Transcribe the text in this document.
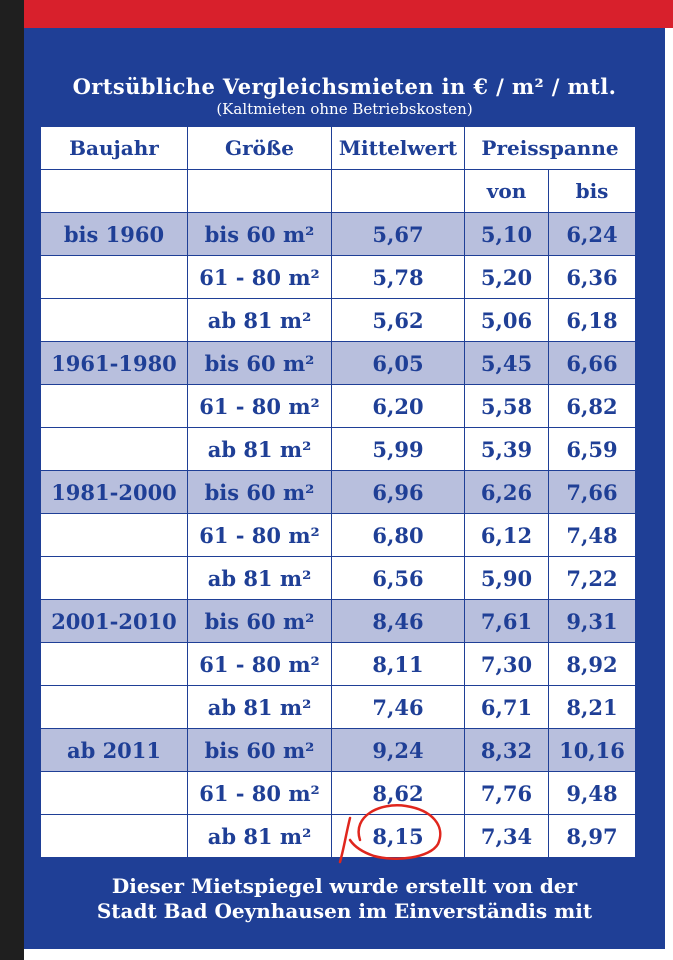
Ortsübliche Vergleichsmieten in € / m² / mtl.
(Kaltmieten ohne Betriebskosten)
Baujahr	Größe	Mittelwert	Preisspanne	
			von	bis
bis 1960	bis 60 m²	5,67	5,10	6,24
	61 - 80 m²	5,78	5,20	6,36
	ab 81 m²	5,62	5,06	6,18
1961-1980	bis 60 m²	6,05	5,45	6,66
	61 - 80 m²	6,20	5,58	6,82
	ab 81 m²	5,99	5,39	6,59
1981-2000	bis 60 m²	6,96	6,26	7,66
	61 - 80 m²	6,80	6,12	7,48
	ab 81 m²	6,56	5,90	7,22
2001-2010	bis 60 m²	8,46	7,61	9,31
	61 - 80 m²	8,11	7,30	8,92
	ab 81 m²	7,46	6,71	8,21
ab 2011	bis 60 m²	9,24	8,32	10,16
	61 - 80 m²	8,62	7,76	9,48
	ab 81 m²	8,15	7,34	8,97
Dieser Mietspiegel wurde erstellt von der
Stadt Bad Oeynhausen im Einverständis mit
